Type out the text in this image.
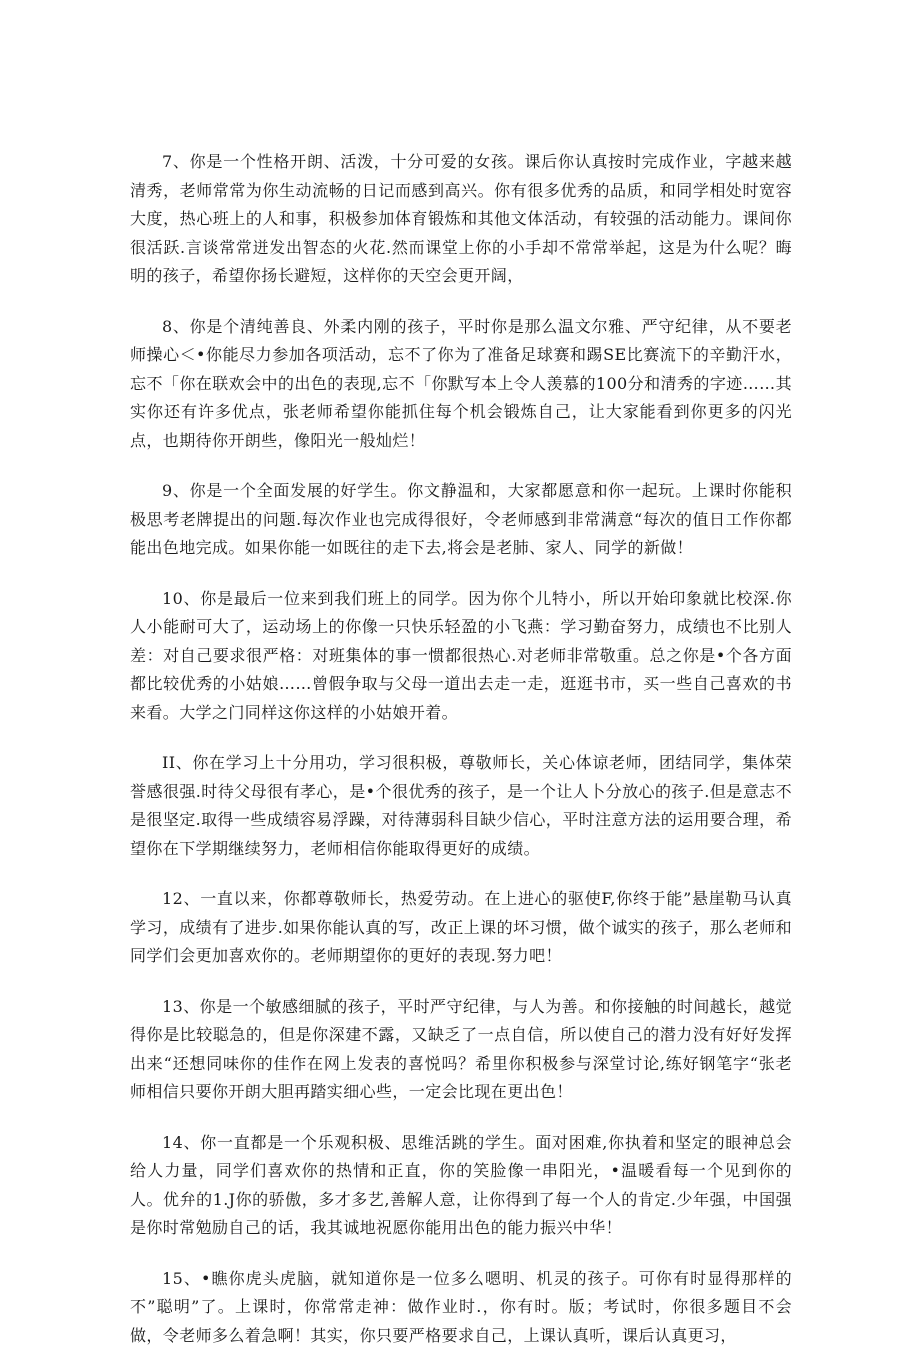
7、你是一个性格开朗、活泼，十分可爱的女孩。课后你认真按时完成作业，字越来越清秀，老师常常为你生动流畅的日记而感到高兴。你有很多优秀的品质，和同学相处时宽容大度，热心班上的人和事，积极参加体育锻炼和其他文体活动，有较强的活动能力。课间你很活跃.言谈常常迸发出智态的火花.然而课堂上你的小手却不常常举起，这是为什么呢？晦明的孩子，希望你扬长避短，这样你的天空会更开阔，

8、你是个清纯善良、外柔内刚的孩子，平时你是那么温文尔雅、严守纪律，从不要老师操心＜•你能尽力参加各项活动，忘不了你为了准备足球赛和踢SE比赛流下的辛勤汗水，忘不「你在联欢会中的出色的表现,忘不「你默写本上令人羡慕的100分和清秀的字迹……其实你还有许多优点，张老师希望你能抓住每个机会锻炼自己，让大家能看到你更多的闪光点，也期待你开朗些，像阳光一般灿烂！

9、你是一个全面发展的好学生。你文静温和，大家都愿意和你一起玩。上课时你能积极思考老牌提出的问题.每次作业也完成得很好，令老师感到非常满意“每次的值日工作你都能出色地完成。如果你能一如既往的走下去,将会是老肺、家人、同学的新做！

10、你是最后一位来到我们班上的同学。因为你个儿特小，所以开始印象就比校深.你人小能耐可大了，运动场上的你像一只快乐轻盈的小飞燕：学习勤奋努力，成绩也不比别人差：对自己要求很严格：对班集体的事一惯都很热心.对老师非常敬重。总之你是•个各方面都比较优秀的小姑娘……曾假争取与父母一道出去走一走，逛逛书市，买一些自己喜欢的书来看。大学之门同样这你这样的小姑娘开着。

II、你在学习上十分用功，学习很积极，尊敬师长，关心体谅老师，团结同学，集体荣誉感很强.时待父母很有孝心，是•个很优秀的孩子，是一个让人卜分放心的孩子.但是意志不是很坚定.取得一些成绩容易浮躁，对待薄弱科目缺少信心，平时注意方法的运用要合理，希望你在下学期继续努力，老师相信你能取得更好的成绩。

12、一直以来，你都尊敬师长，热爱劳动。在上进心的驱使F,你终于能”悬崖勒马认真学习，成绩有了进步.如果你能认真的写，改正上课的坏习惯，做个诚实的孩子，那么老师和同学们会更加喜欢你的。老师期望你的更好的表现.努力吧！

13、你是一个敏感细腻的孩子，平时严守纪律，与人为善。和你接触的时间越长，越觉得你是比较聪急的，但是你深建不露，又缺乏了一点自信，所以使自己的潜力没有好好发挥出来“还想同味你的佳作在网上发表的喜悦吗？希里你积极参与深堂讨论,练好钢笔字“张老师相信只要你开朗大胆再踏实细心些，一定会比现在更出色！

14、你一直都是一个乐观积极、思维活跳的学生。面对困难,你执着和坚定的眼神总会给人力量，同学们喜欢你的热情和正直，你的笑脸像一串阳光，•温暖看每一个见到你的人。优弁的1.J你的骄傲，多才多艺,善解人意，让你得到了每一个人的肯定.少年强，中国强是你时常勉励自己的话，我其诚地祝愿你能用出色的能力振兴中华！

15、•瞧你虎头虎脑，就知道你是一位多么嗯明、机灵的孩子。可你有时显得那样的不”聪明”了。上课时，你常常走神：做作业时.，你有时。版；考试时，你很多题目不会做，令老师多么着急啊！其实，你只要严格要求自己，上课认真听，课后认真更习，
